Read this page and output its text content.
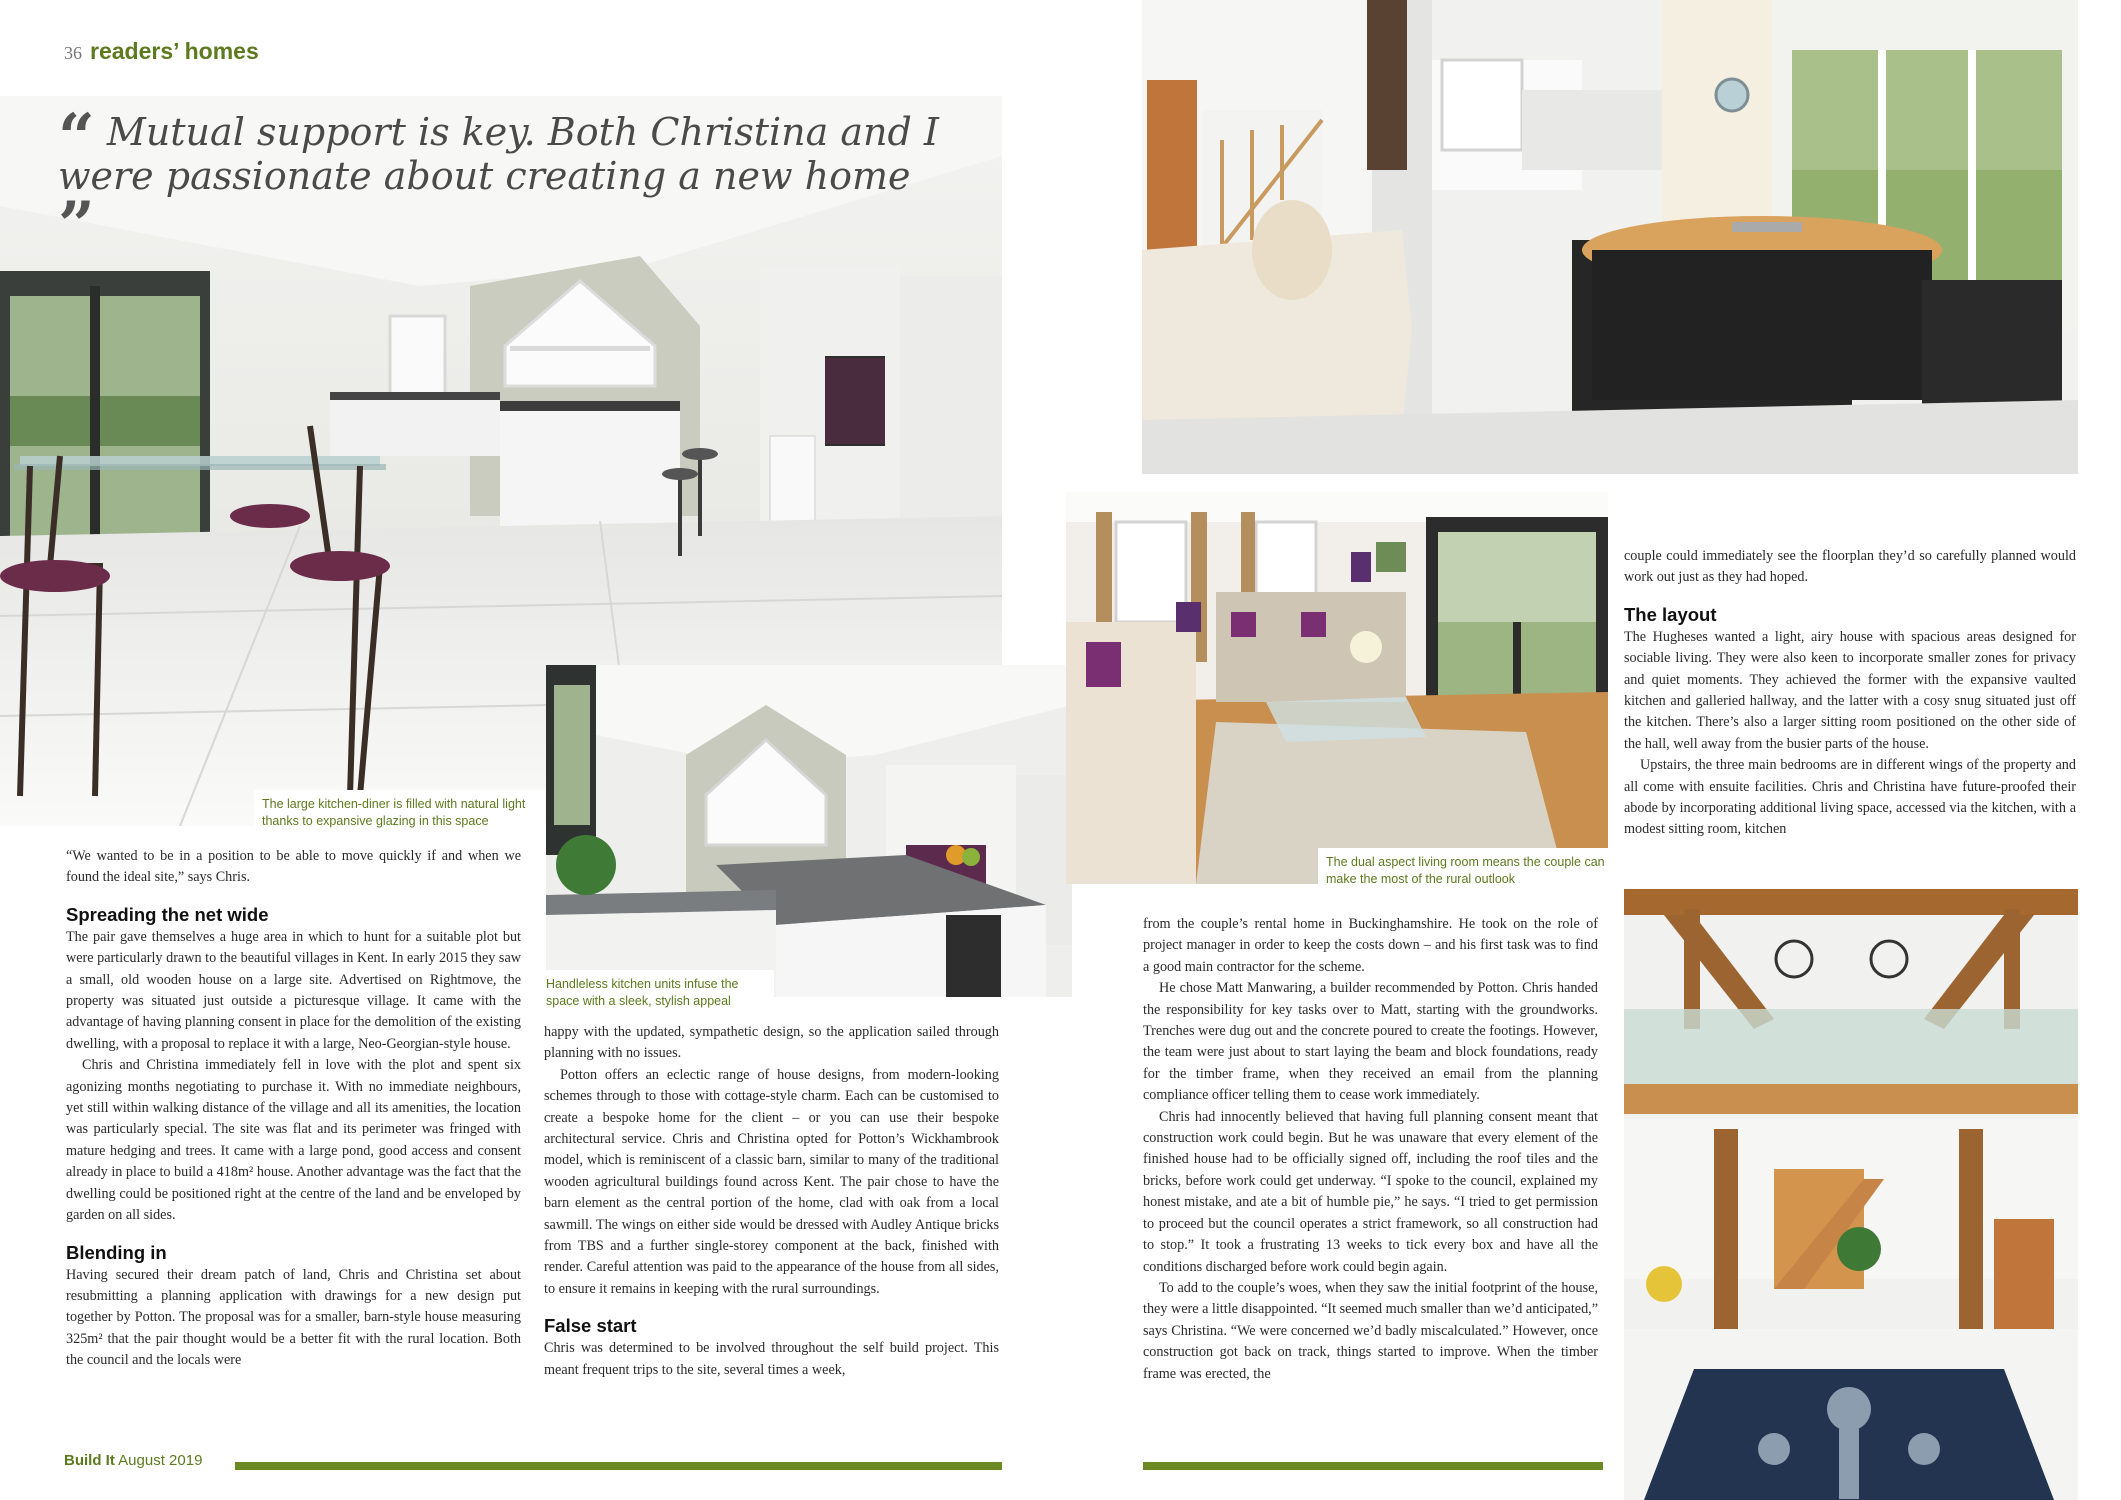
36 readers’ homes
“ Mutual support is key. Both Christina and I were passionate about creating a new home ”
The large kitchen-diner is filled with natural light thanks to expansive glazing in this space
Handleless kitchen units infuse the space with a sleek, stylish appeal
The dual aspect living room means the couple can make the most of the rural outlook

“We wanted to be in a position to be able to move quickly if and when we found the ideal site,” says Chris.

Spreading the net wide

The pair gave themselves a huge area in which to hunt for a suitable plot but were particularly drawn to the beautiful villages in Kent. In early 2015 they saw a small, old wooden house on a large site. Advertised on Rightmove, the property was situated just outside a picturesque village. It came with the advantage of having planning consent in place for the demolition of the existing dwelling, with a proposal to replace it with a large, Neo-Georgian-style house.

Chris and Christina immediately fell in love with the plot and spent six agonizing months negotiating to purchase it. With no immediate neighbours, yet still within walking distance of the village and all its amenities, the location was particularly special. The site was flat and its perimeter was fringed with mature hedging and trees. It came with a large pond, good access and consent already in place to build a 418m² house. Another advantage was the fact that the dwelling could be positioned right at the centre of the land and be enveloped by garden on all sides.

Blending in

Having secured their dream patch of land, Chris and Christina set about resubmitting a planning application with drawings for a new design put together by Potton. The proposal was for a smaller, barn-style house measuring 325m² that the pair thought would be a better fit with the rural location. Both the council and the locals were

happy with the updated, sympathetic design, so the application sailed through planning with no issues.

Potton offers an eclectic range of house designs, from modern-looking schemes through to those with cottage-style charm. Each can be customised to create a bespoke home for the client – or you can use their bespoke architectural service. Chris and Christina opted for Potton’s Wickhambrook model, which is reminiscent of a classic barn, similar to many of the traditional wooden agricultural buildings found across Kent. The pair chose to have the barn element as the central portion of the home, clad with oak from a local sawmill. The wings on either side would be dressed with Audley Antique bricks from TBS and a further single-storey component at the back, finished with render. Careful attention was paid to the appearance of the house from all sides, to ensure it remains in keeping with the rural surroundings.

False start

Chris was determined to be involved throughout the self build project. This meant frequent trips to the site, several times a week,

from the couple’s rental home in Buckinghamshire. He took on the role of project manager in order to keep the costs down – and his first task was to find a good main contractor for the scheme.

He chose Matt Manwaring, a builder recommended by Potton. Chris handed the responsibility for key tasks over to Matt, starting with the groundworks. Trenches were dug out and the concrete poured to create the footings. However, the team were just about to start laying the beam and block foundations, ready for the timber frame, when they received an email from the planning compliance officer telling them to cease work immediately.

Chris had innocently believed that having full planning consent meant that construction work could begin. But he was unaware that every element of the finished house had to be officially signed off, including the roof tiles and the bricks, before work could get underway. “I spoke to the council, explained my honest mistake, and ate a bit of humble pie,” he says. “I tried to get permission to proceed but the council operates a strict framework, so all construction had to stop.” It took a frustrating 13 weeks to tick every box and have all the conditions discharged before work could begin again.

To add to the couple’s woes, when they saw the initial footprint of the house, they were a little disappointed. “It seemed much smaller than we’d anticipated,” says Christina. “We were concerned we’d badly miscalculated.” However, once construction got back on track, things started to improve. When the timber frame was erected, the

couple could immediately see the floorplan they’d so carefully planned would work out just as they had hoped.

The layout

The Hugheses wanted a light, airy house with spacious areas designed for sociable living. They were also keen to incorporate smaller zones for privacy and quiet moments. They achieved the former with the expansive vaulted kitchen and galleried hallway, and the latter with a cosy snug situated just off the kitchen. There’s also a larger sitting room positioned on the other side of the hall, well away from the busier parts of the house.

Upstairs, the three main bedrooms are in different wings of the property and all come with ensuite facilities. Chris and Christina have future-proofed their abode by incorporating additional living space, accessed via the kitchen, with a modest sitting room, kitchen

Build It August 2019
